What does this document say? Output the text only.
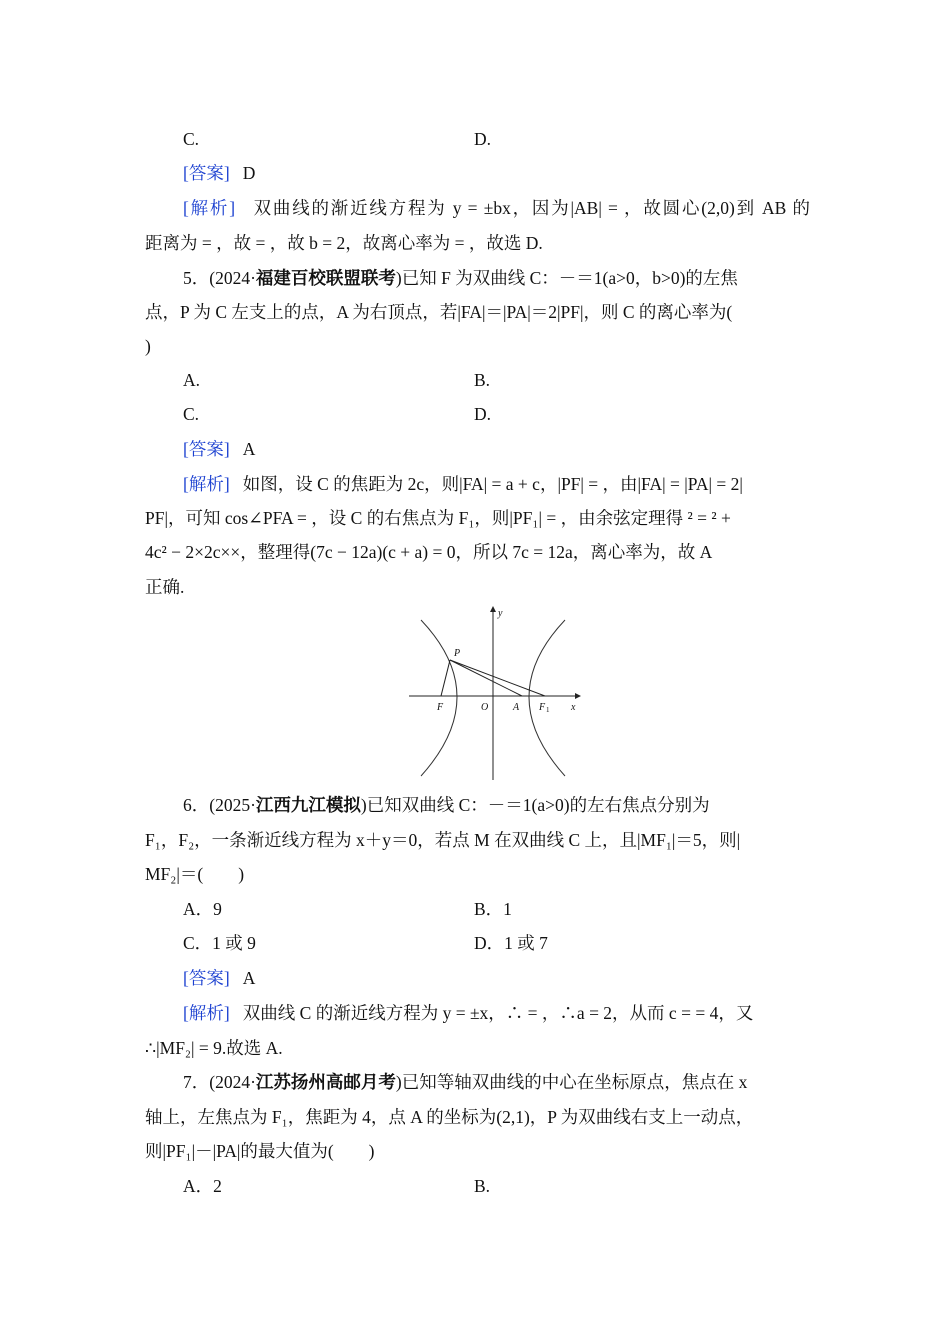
C.	D.
[答案] D
[解析] 双曲线的渐近线方程为 y = ±bx，因为|AB| = ，故圆心(2,0)到 AB 的
距离为 = ，故 = ，故 b = 2，故离心率为 = ，故选 D.
5．(2024·福建百校联盟联考)已知 F 为双曲线 C：－＝1(a>0，b>0)的左焦
点，P 为 C 左支上的点，A 为右顶点，若|FA|＝|PA|＝2|PF|，则 C 的离心率为(
)
A.	B.
C.	D.
[答案] A
[解析] 如图，设 C 的焦距为 2c，则|FA| = a + c，|PF| = ，由|FA| = |PA| = 2|
PF|，可知 cos∠PFA = ，设 C 的右焦点为 F₁，则|PF₁| = ，由余弦定理得 ² = ² +
4c² − 2×2c××，整理得(7c − 12a)(c + a) = 0，所以 7c = 12a，离心率为，故 A
正确.
y
x
P
F	O A F 1
6．(2025·江西九江模拟)已知双曲线 C：－＝1(a>0)的左右焦点分别为
F₁，F₂，一条渐近线方程为 x＋y＝0，若点 M 在双曲线 C 上，且|MF₁|＝5，则|
MF₂|＝(　　)
A．9	B．1
C．1 或 9	D．1 或 7
[答案] A
[解析] 双曲线 C 的渐近线方程为 y = ±x，∴ = ，∴a = 2，从而 c = = 4，又
∴|MF₂| = 9.故选 A.
7．(2024·江苏扬州高邮月考)已知等轴双曲线的中心在坐标原点，焦点在 x
轴上，左焦点为 F₁，焦距为 4，点 A 的坐标为(2,1)，P 为双曲线右支上一动点，
则|PF₁|－|PA|的最大值为(　　)
A．2	B.
